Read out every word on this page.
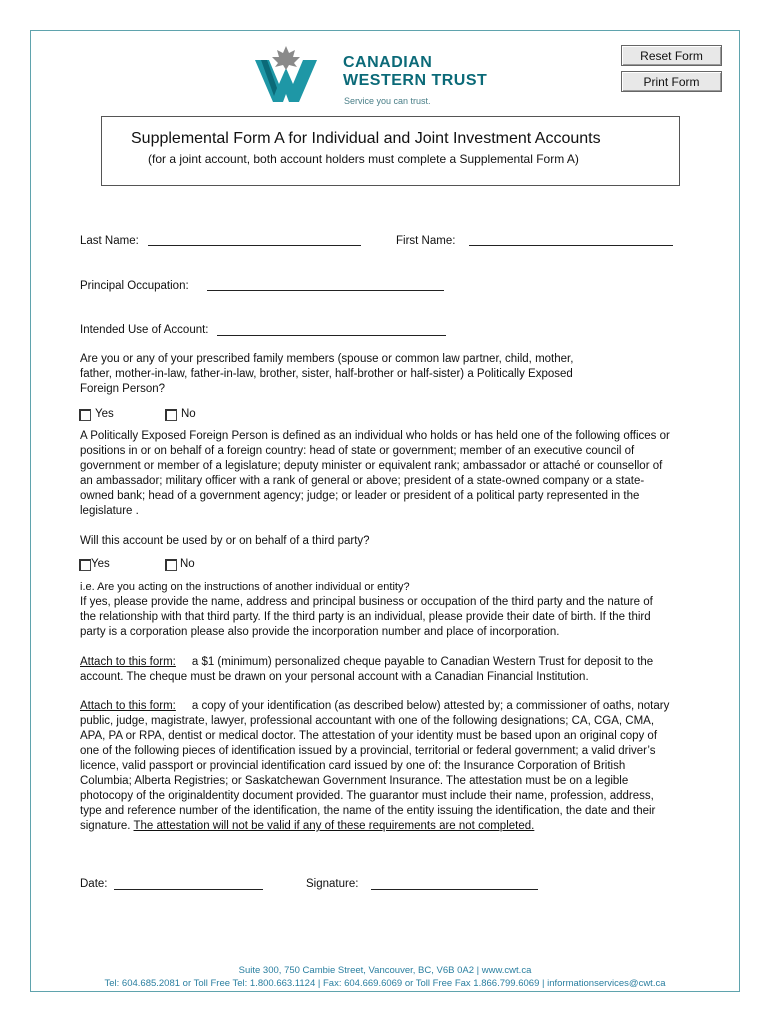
Reset Form
Print Form
CANADIAN
WESTERN TRUST
Service you can trust.
Supplemental Form A for Individual and Joint Investment Accounts
(for a joint account, both account holders must complete a Supplemental Form A)
Last Name:	First Name:
Principal Occupation:
Intended Use of Account:
Are you or any of your prescribed family members (spouse or common law partner, child, mother, father, mother-in-law, father-in-law, brother, sister, half-brother or half-sister) a Politically Exposed Foreign Person?
Yes	No
A Politically Exposed Foreign Person is defined as an individual who holds or has held one of the following offices or positions in or on behalf of a foreign country: head of state or government; member of an executive council of government or member of a legislature; deputy minister or equivalent rank; ambassador or attaché or counsellor of an ambassador; military officer with a rank of general or above; president of a state-owned company or a state-owned bank; head of a government agency; judge; or leader or president of a political party represented in the legislature .
Will this account be used by or on behalf of a third party?
Yes	No
i.e. Are you acting on the instructions of another individual or entity?
If yes, please provide the name, address and principal business or occupation of the third party and the nature of the relationship with that third party. If the third party is an individual, please provide their date of birth. If the third party is a corporation please also provide the incorporation number and place of incorporation.
Attach to this form: a $1 (minimum) personalized cheque payable to Canadian Western Trust for deposit to the account. The cheque must be drawn on your personal account with a Canadian Financial Institution.
Attach to this form: a copy of your identification (as described below) attested by; a commissioner of oaths, notary public, judge, magistrate, lawyer, professional accountant with one of the following designations; CA, CGA, CMA, APA, PA or RPA, dentist or medical doctor. The attestation of your identity must be based upon an original copy of one of the following pieces of identification issued by a provincial, territorial or federal government; a valid driver’s licence, valid passport or provincial identification card issued by one of: the Insurance Corporation of British Columbia; Alberta Registries; or Saskatchewan Government Insurance. The attestation must be on a legible photocopy of the originaldentity document provided. The guarantor must include their name, profession, address, type and reference number of the identification, the name of the entity issuing the identification, the date and their signature. The attestation will not be valid if any of these requirements are not completed.
Date:	Signature:
Suite 300, 750 Cambie Street, Vancouver, BC, V6B 0A2 | www.cwt.ca
Tel: 604.685.2081 or Toll Free Tel: 1.800.663.1124 | Fax: 604.669.6069 or Toll Free Fax 1.866.799.6069 | informationservices@cwt.ca
